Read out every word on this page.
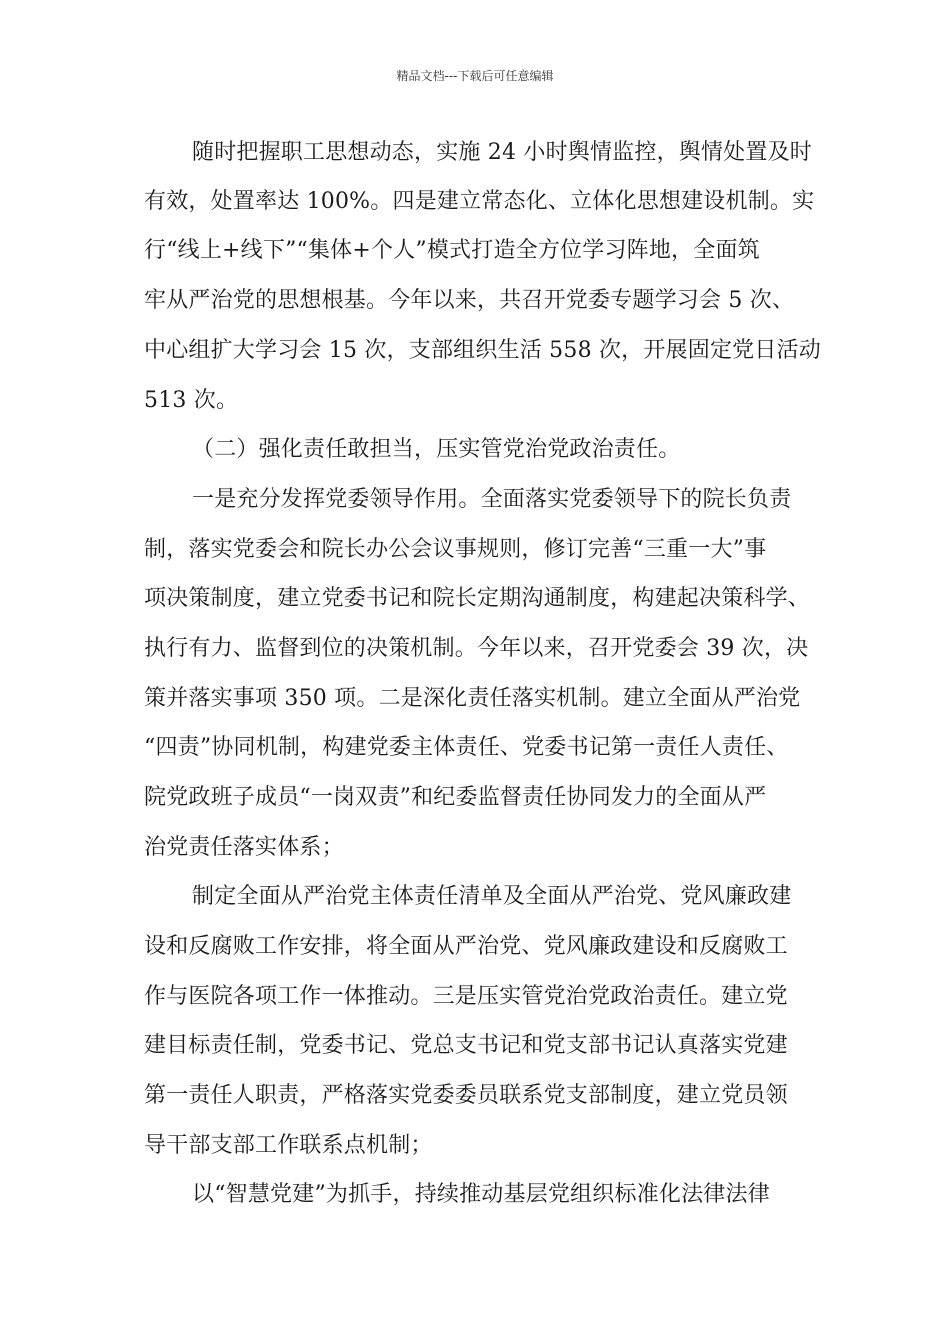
精品文档---下载后可任意编辑
随时把握职工思想动态，实施 24 小时舆情监控，舆情处置及时
有效，处置率达 100%。四是建立常态化、立体化思想建设机制。实
行“线上+线下”“集体+个人”模式打造全方位学习阵地，全面筑
牢从严治党的思想根基。今年以来，共召开党委专题学习会 5 次、
中心组扩大学习会 15 次，支部组织生活 558 次，开展固定党日活动
513 次。
（二）强化责任敢担当，压实管党治党政治责任。
一是充分发挥党委领导作用。全面落实党委领导下的院长负责
制，落实党委会和院长办公会议事规则，修订完善“三重一大”事
项决策制度，建立党委书记和院长定期沟通制度，构建起决策科学、
执行有力、监督到位的决策机制。今年以来，召开党委会 39 次，决
策并落实事项 350 项。二是深化责任落实机制。建立全面从严治党
“四责”协同机制，构建党委主体责任、党委书记第一责任人责任、
院党政班子成员“一岗双责”和纪委监督责任协同发力的全面从严
治党责任落实体系；
制定全面从严治党主体责任清单及全面从严治党、党风廉政建
设和反腐败工作安排，将全面从严治党、党风廉政建设和反腐败工
作与医院各项工作一体推动。三是压实管党治党政治责任。建立党
建目标责任制，党委书记、党总支书记和党支部书记认真落实党建
第一责任人职责，严格落实党委委员联系党支部制度，建立党员领
导干部支部工作联系点机制；
以“智慧党建”为抓手，持续推动基层党组织标准化法律法律
